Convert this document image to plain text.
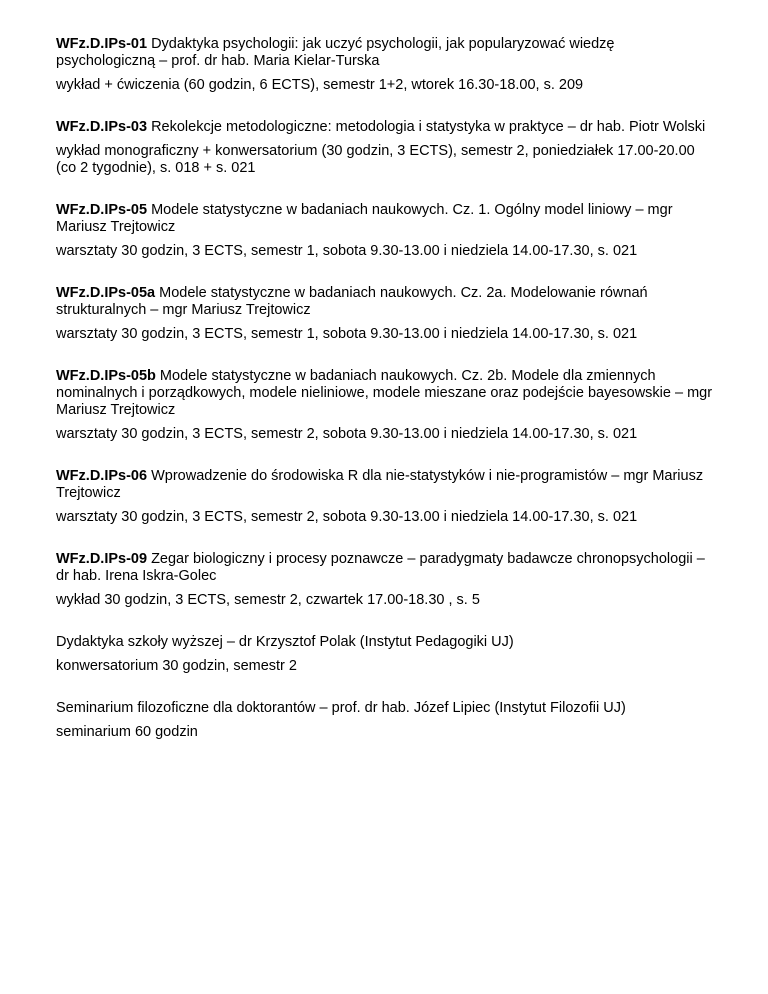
WFz.D.IPs-01 Dydaktyka psychologii: jak uczyć psychologii, jak popularyzować wiedzę psychologiczną – prof. dr hab. Maria Kielar-Turska

wykład + ćwiczenia (60 godzin, 6 ECTS), semestr 1+2, wtorek 16.30-18.00, s. 209

WFz.D.IPs-03 Rekolekcje metodologiczne: metodologia i statystyka w praktyce – dr hab. Piotr Wolski

wykład monograficzny + konwersatorium (30 godzin, 3 ECTS), semestr 2, poniedziałek 17.00-20.00 (co 2 tygodnie), s. 018 + s. 021

WFz.D.IPs-05 Modele statystyczne w badaniach naukowych. Cz. 1. Ogólny model liniowy – mgr Mariusz Trejtowicz

warsztaty 30 godzin, 3 ECTS, semestr 1, sobota 9.30-13.00 i niedziela 14.00-17.30, s. 021

WFz.D.IPs-05a Modele statystyczne w badaniach naukowych. Cz. 2a. Modelowanie równań strukturalnych – mgr Mariusz Trejtowicz

warsztaty 30 godzin, 3 ECTS, semestr 1, sobota 9.30-13.00 i niedziela 14.00-17.30, s. 021

WFz.D.IPs-05b Modele statystyczne w badaniach naukowych. Cz. 2b. Modele dla zmiennych nominalnych i porządkowych, modele nieliniowe, modele mieszane oraz podejście bayesowskie – mgr Mariusz Trejtowicz

warsztaty 30 godzin, 3 ECTS, semestr 2, sobota 9.30-13.00 i niedziela 14.00-17.30, s. 021

WFz.D.IPs-06 Wprowadzenie do środowiska R dla nie-statystyków i nie-programistów – mgr Mariusz Trejtowicz

warsztaty 30 godzin, 3 ECTS, semestr 2, sobota 9.30-13.00 i niedziela 14.00-17.30, s. 021

WFz.D.IPs-09 Zegar biologiczny i procesy poznawcze – paradygmaty badawcze chronopsychologii – dr hab. Irena Iskra-Golec

wykład 30 godzin, 3 ECTS, semestr 2, czwartek 17.00-18.30 , s. 5

Dydaktyka szkoły wyższej – dr Krzysztof Polak (Instytut Pedagogiki UJ)

konwersatorium 30 godzin, semestr 2

Seminarium filozoficzne dla doktorantów – prof. dr hab. Józef Lipiec (Instytut Filozofii UJ)

seminarium 60 godzin
